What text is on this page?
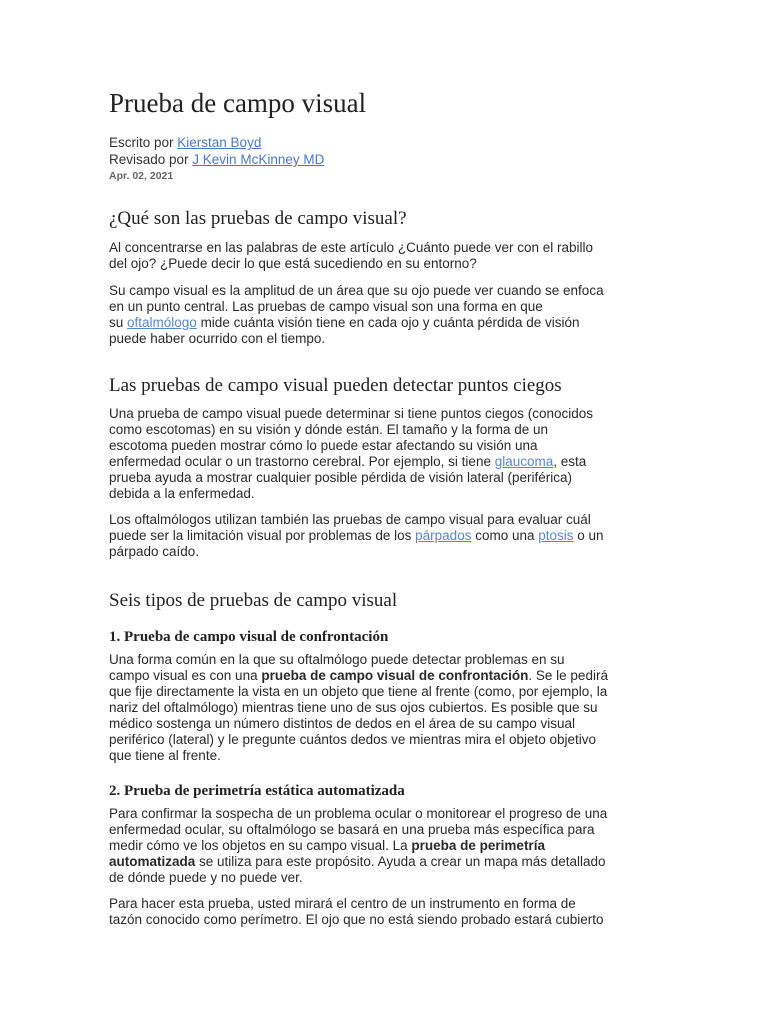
Prueba de campo visual
Escrito por Kierstan Boyd
Revisado por J Kevin McKinney MD
Apr. 02, 2021
¿Qué son las pruebas de campo visual?
Al concentrarse en las palabras de este artículo ¿Cuánto puede ver con el rabillo
del ojo? ¿Puede decir lo que está sucediendo en su entorno?
Su campo visual es la amplitud de un área que su ojo puede ver cuando se enfoca
en un punto central. Las pruebas de campo visual son una forma en que
su oftalmólogo mide cuánta visión tiene en cada ojo y cuánta pérdida de visión
puede haber ocurrido con el tiempo.
Las pruebas de campo visual pueden detectar puntos ciegos
Una prueba de campo visual puede determinar si tiene puntos ciegos (conocidos
como escotomas) en su visión y dónde están. El tamaño y la forma de un
escotoma pueden mostrar cómo lo puede estar afectando su visión una
enfermedad ocular o un trastorno cerebral. Por ejemplo, si tiene glaucoma, esta
prueba ayuda a mostrar cualquier posible pérdida de visión lateral (periférica)
debida a la enfermedad.
Los oftalmólogos utilizan también las pruebas de campo visual para evaluar cuál
puede ser la limitación visual por problemas de los párpados como una ptosis o un
párpado caído.
Seis tipos de pruebas de campo visual
1. Prueba de campo visual de confrontación
Una forma común en la que su oftalmólogo puede detectar problemas en su
campo visual es con una prueba de campo visual de confrontación. Se le pedirá
que fije directamente la vista en un objeto que tiene al frente (como, por ejemplo, la
nariz del oftalmólogo) mientras tiene uno de sus ojos cubiertos. Es posible que su
médico sostenga un número distintos de dedos en el área de su campo visual
periférico (lateral) y le pregunte cuántos dedos ve mientras mira el objeto objetivo
que tiene al frente.
2. Prueba de perimetría estática automatizada
Para confirmar la sospecha de un problema ocular o monitorear el progreso de una
enfermedad ocular, su oftalmólogo se basará en una prueba más específica para
medir cómo ve los objetos en su campo visual. La prueba de perimetría
automatizada se utiliza para este propósito. Ayuda a crear un mapa más detallado
de dónde puede y no puede ver.
Para hacer esta prueba, usted mirará el centro de un instrumento en forma de
tazón conocido como perímetro. El ojo que no está siendo probado estará cubierto
